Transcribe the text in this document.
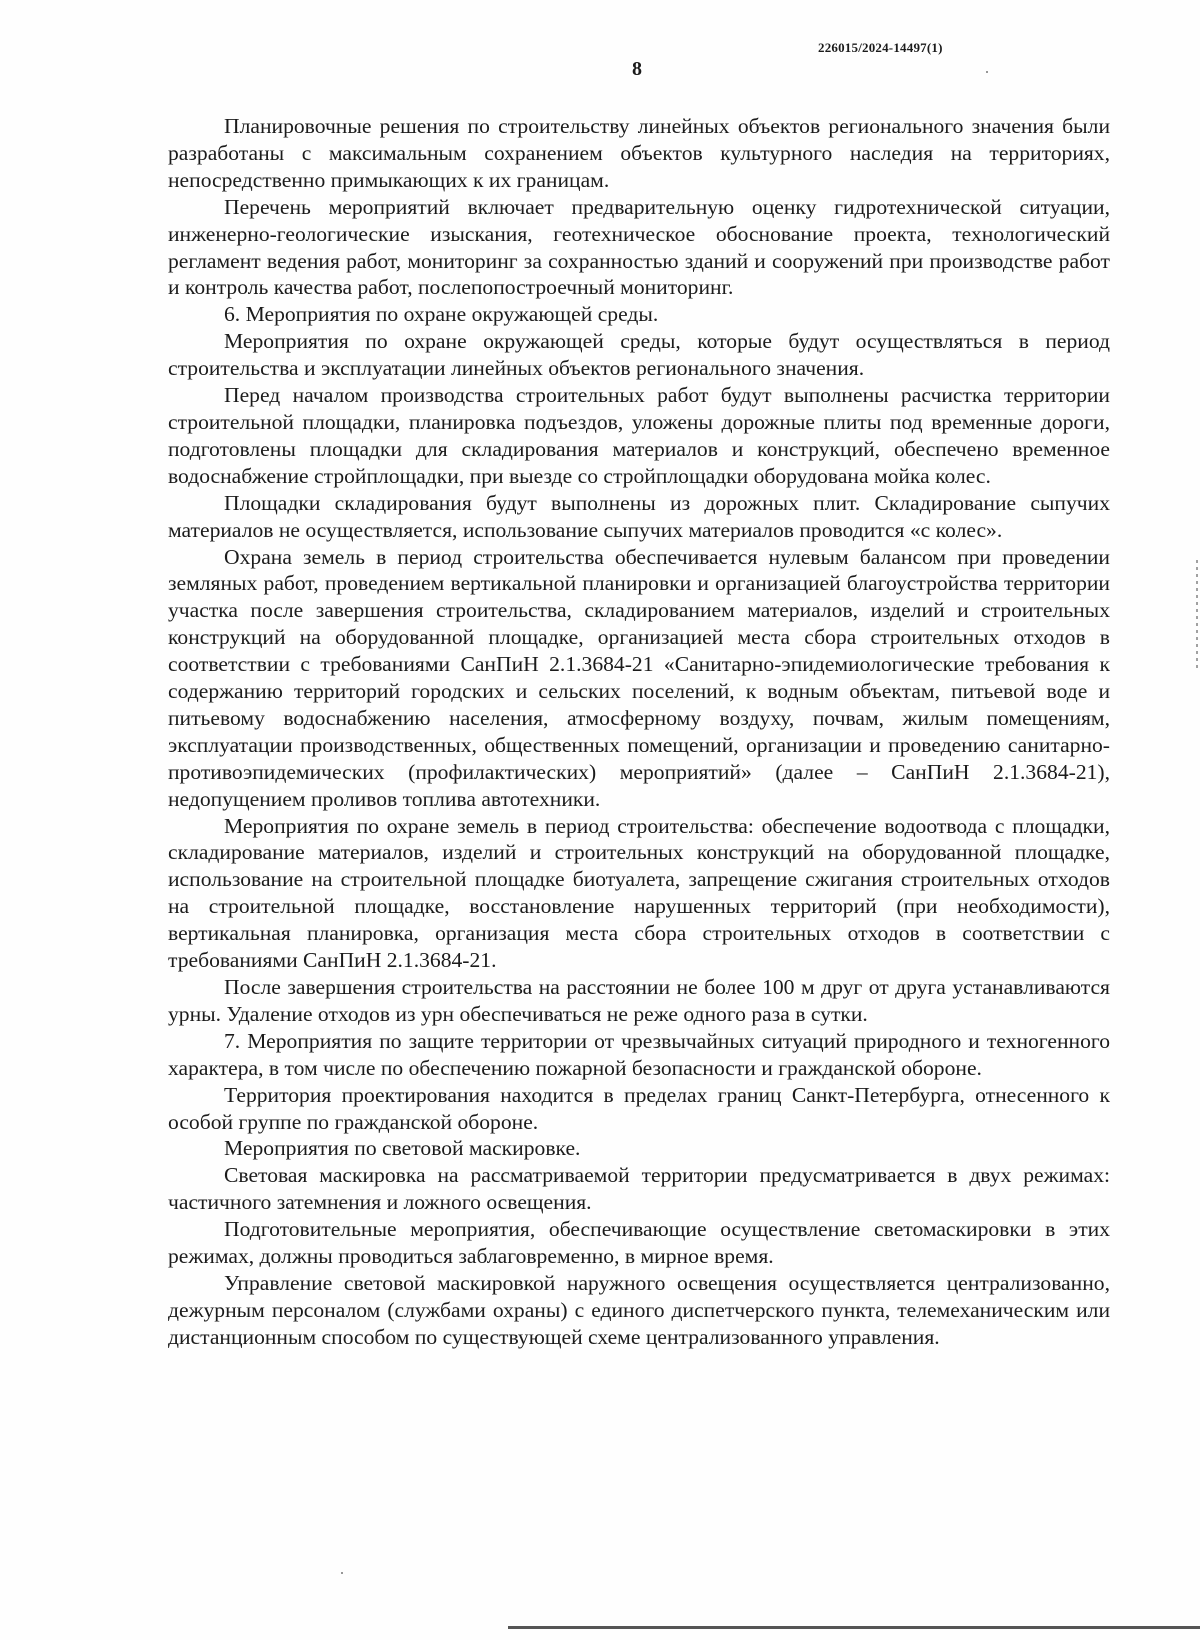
226015/2024-14497(1)
8

Планировочные решения по строительству линейных объектов регионального значения были разработаны с максимальным сохранением объектов культурного наследия на территориях, непосредственно примыкающих к их границам.

Перечень мероприятий включает предварительную оценку гидротехнической ситуации, инженерно-геологические изыскания, геотехническое обоснование проекта, технологический регламент ведения работ, мониторинг за сохранностью зданий и сооружений при производстве работ и контроль качества работ, послепопостроечный мониторинг.

6. Мероприятия по охране окружающей среды.

Мероприятия по охране окружающей среды, которые будут осуществляться в период строительства и эксплуатации линейных объектов регионального значения.

Перед началом производства строительных работ будут выполнены расчистка территории строительной площадки, планировка подъездов, уложены дорожные плиты под временные дороги, подготовлены площадки для складирования материалов и конструкций, обеспечено временное водоснабжение стройплощадки, при выезде со стройплощадки оборудована мойка колес.

Площадки складирования будут выполнены из дорожных плит. Складирование сыпучих материалов не осуществляется, использование сыпучих материалов проводится «с колес».

Охрана земель в период строительства обеспечивается нулевым балансом при проведении земляных работ, проведением вертикальной планировки и организацией благоустройства территории участка после завершения строительства, складированием материалов, изделий и строительных конструкций на оборудованной площадке, организацией места сбора строительных отходов в соответствии с требованиями СанПиН 2.1.3684-21 «Санитарно-эпидемиологические требования к содержанию территорий городских и сельских поселений, к водным объектам, питьевой воде и питьевому водоснабжению населения, атмосферному воздуху, почвам, жилым помещениям, эксплуатации производственных, общественных помещений, организации и проведению санитарно-противоэпидемических (профилактических) мероприятий» (далее – СанПиН 2.1.3684-21), недопущением проливов топлива автотехники.

Мероприятия по охране земель в период строительства: обеспечение водоотвода с площадки, складирование материалов, изделий и строительных конструкций на оборудованной площадке, использование на строительной площадке биотуалета, запрещение сжигания строительных отходов на строительной площадке, восстановление нарушенных территорий (при необходимости), вертикальная планировка, организация места сбора строительных отходов в соответствии с требованиями СанПиН 2.1.3684-21.

После завершения строительства на расстоянии не более 100 м друг от друга устанавливаются урны. Удаление отходов из урн обеспечиваться не реже одного раза в сутки.

7. Мероприятия по защите территории от чрезвычайных ситуаций природного и техногенного характера, в том числе по обеспечению пожарной безопасности и гражданской обороне.

Территория проектирования находится в пределах границ Санкт-Петербурга, отнесенного к особой группе по гражданской обороне.

Мероприятия по световой маскировке.

Световая маскировка на рассматриваемой территории предусматривается в двух режимах: частичного затемнения и ложного освещения.

Подготовительные мероприятия, обеспечивающие осуществление светомаскировки в этих режимах, должны проводиться заблаговременно, в мирное время.

Управление световой маскировкой наружного освещения осуществляется централизованно, дежурным персоналом (службами охраны) с единого диспетчерского пункта, телемеханическим или дистанционным способом по существующей схеме централизованного управления.
